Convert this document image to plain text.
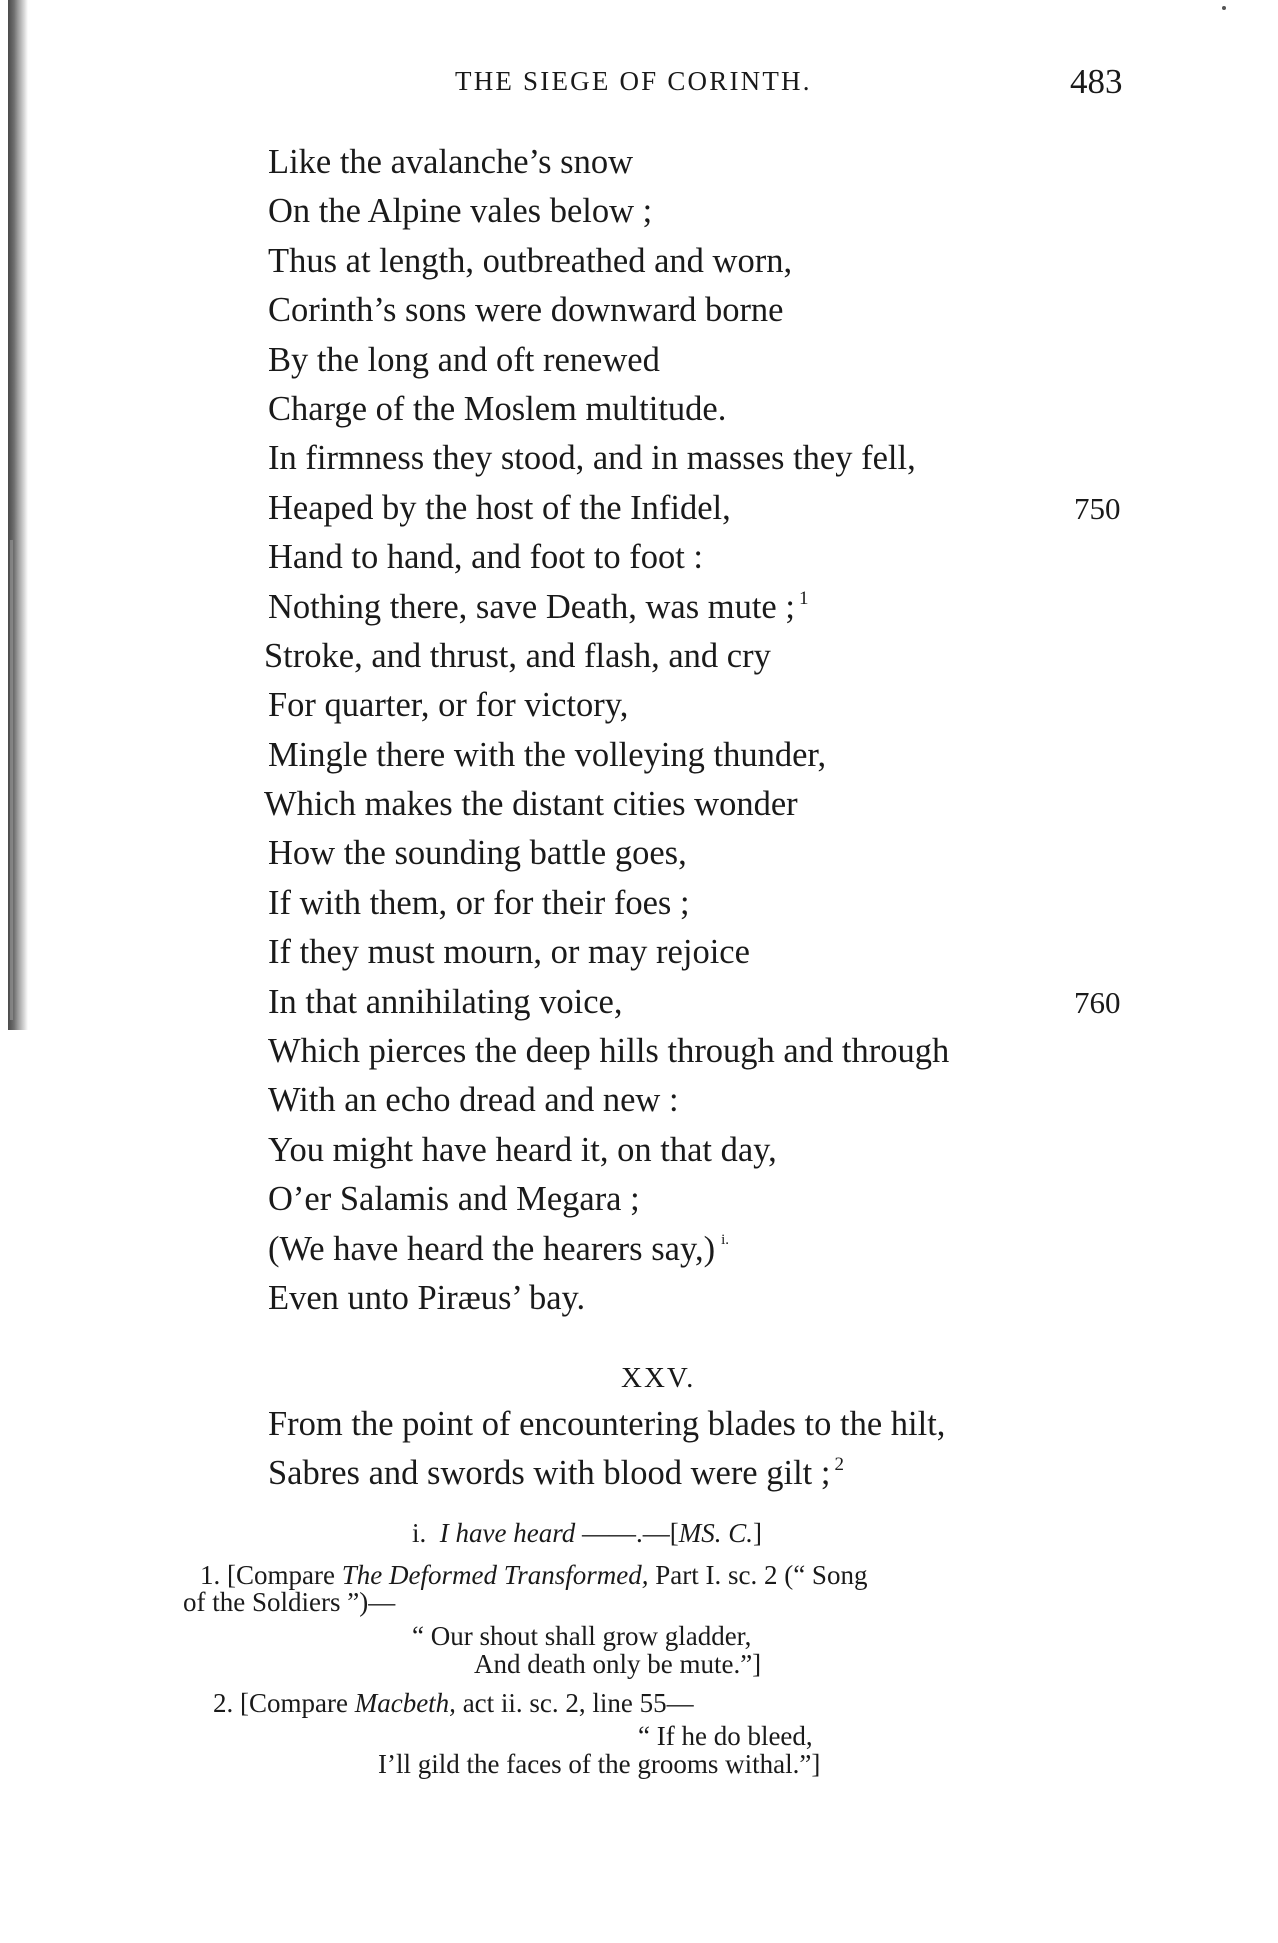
THE SIEGE OF CORINTH.	483
Like the avalanche’s snow
On the Alpine vales below ;
Thus at length, outbreathed and worn,
Corinth’s sons were downward borne
By the long and oft renewed
Charge of the Moslem multitude.
In firmness they stood, and in masses they fell,
Heaped by the host of the Infidel,	750
Hand to hand, and foot to foot :
Nothing there, save Death, was mute ; $^1$
Stroke, and thrust, and flash, and cry
For quarter, or for victory,
Mingle there with the volleying thunder,
Which makes the distant cities wonder
How the sounding battle goes,
If with them, or for their foes ;
If they must mourn, or may rejoice
In that annihilating voice,	760
Which pierces the deep hills through and through
With an echo dread and new :
You might have heard it, on that day,
O’er Salamis and Megara ;
(We have heard the hearers say,) $^{i.}$
Even unto Piræus’ bay.
XXV.
From the point of encountering blades to the hilt,
Sabres and swords with blood were gilt ; $^2$
i. I have heard ——.—[MS. C.]
1. [Compare The Deformed Transformed, Part I. sc. 2 (“ Song
of the Soldiers ”)—
“ Our shout shall grow gladder,
And death only be mute.”]
2. [Compare Macbeth, act ii. sc. 2, line 55—
“ If he do bleed,
I’ll gild the faces of the grooms withal.”]
